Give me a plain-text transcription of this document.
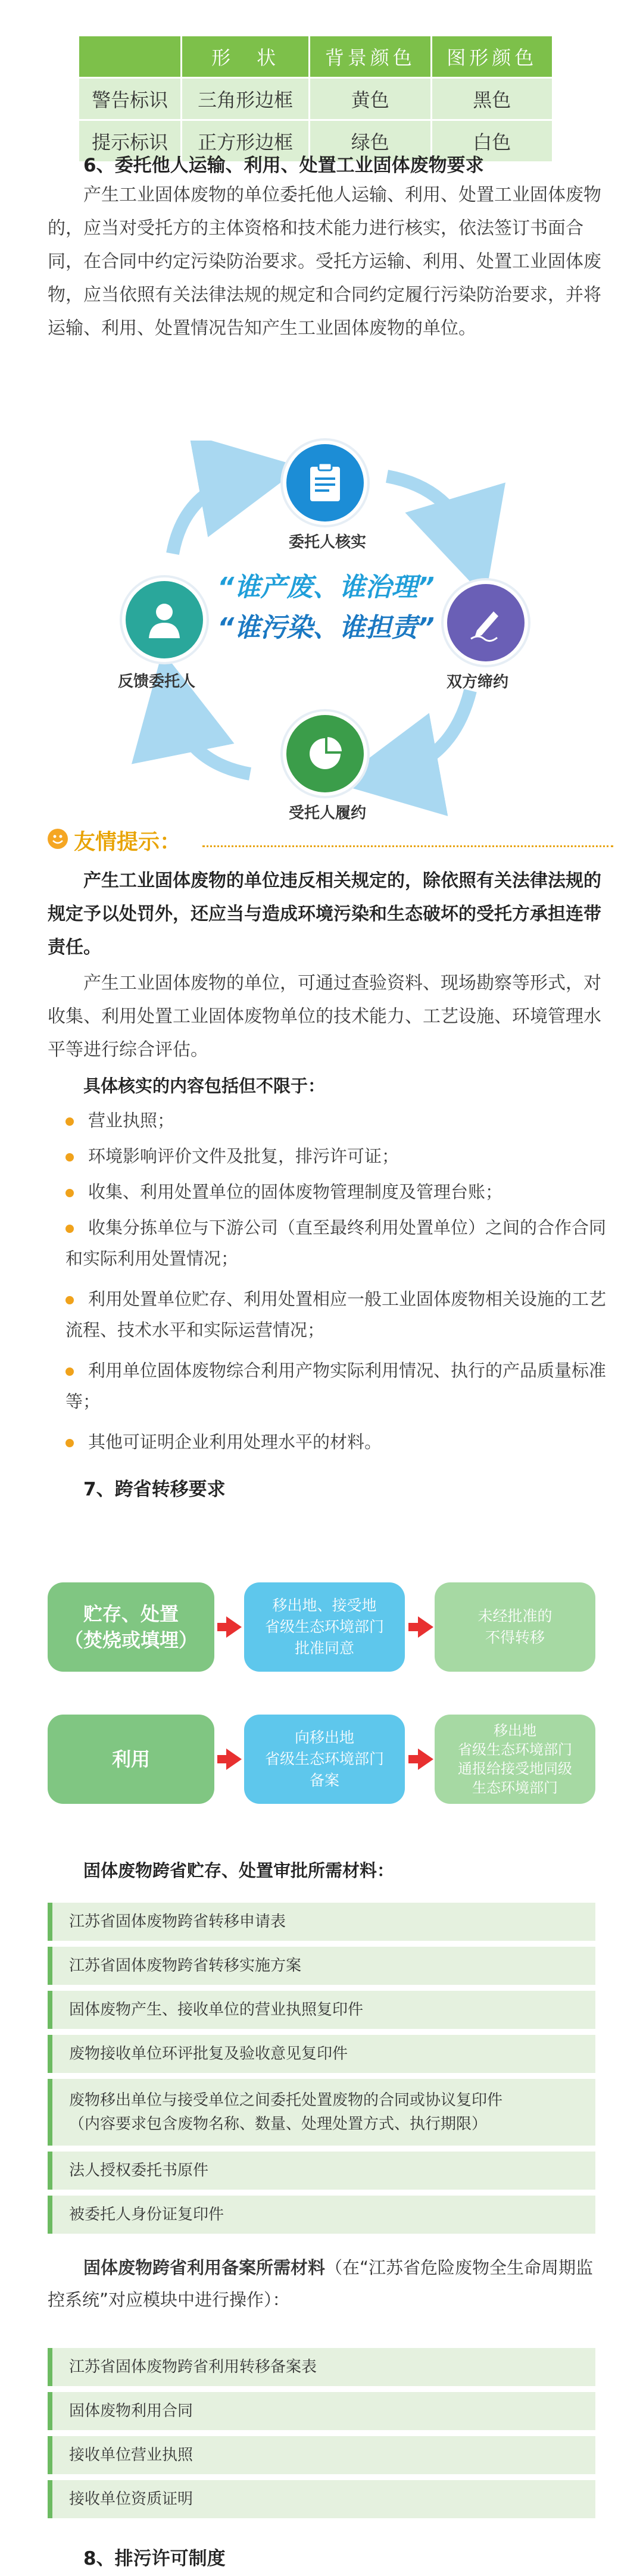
	形　状	背景颜色	图形颜色
警告标识	三角形边框	黄色	黑色
提示标识	正方形边框	绿色	白色
6、委托他人运输、利用、处置工业固体废物要求
产生工业固体废物的单位委托他人运输、利用、处置工业固体废物的，应当对受托方的主体资格和技术能力进行核实，依法签订书面合同，在合同中约定污染防治要求。受托方运输、利用、处置工业固体废物，应当依照有关法律法规的规定和合同约定履行污染防治要求，并将运输、利用、处置情况告知产生工业固体废物的单位。
委托人核实
双方缔约
受托人履约
反馈委托人
“谁产废、谁治理”
“谁污染、谁担责”
友情提示：
产生工业固体废物的单位违反相关规定的，除依照有关法律法规的规定予以处罚外，还应当与造成环境污染和生态破坏的受托方承担连带责任。
产生工业固体废物的单位，可通过查验资料、现场勘察等形式，对收集、利用处置工业固体废物单位的技术能力、工艺设施、环境管理水平等进行综合评估。
具体核实的内容包括但不限于：
营业执照；
环境影响评价文件及批复，排污许可证；
收集、利用处置单位的固体废物管理制度及管理台账；
收集分拣单位与下游公司（直至最终利用处置单位）之间的合作合同和实际利用处置情况；
利用处置单位贮存、利用处置相应一般工业固体废物相关设施的工艺流程、技术水平和实际运营情况；
利用单位固体废物综合利用产物实际利用情况、执行的产品质量标准等；
其他可证明企业利用处理水平的材料。
7、跨省转移要求
贮存、处置
（焚烧或填埋）
移出地、接受地
省级生态环境部门
批准同意
未经批准的
不得转移
利用
向移出地
省级生态环境部门
备案
移出地
省级生态环境部门
通报给接受地同级
生态环境部门
固体废物跨省贮存、处置审批所需材料：
江苏省固体废物跨省转移申请表
江苏省固体废物跨省转移实施方案
固体废物产生、接收单位的营业执照复印件
废物接收单位环评批复及验收意见复印件
废物移出单位与接受单位之间委托处置废物的合同或协议复印件
（内容要求包含废物名称、数量、处理处置方式、执行期限）
法人授权委托书原件
被委托人身份证复印件
固体废物跨省利用备案所需材料（在“江苏省危险废物全生命周期监控系统”对应模块中进行操作）：
江苏省固体废物跨省利用转移备案表
固体废物利用合同
接收单位营业执照
接收单位资质证明
8、排污许可制度
